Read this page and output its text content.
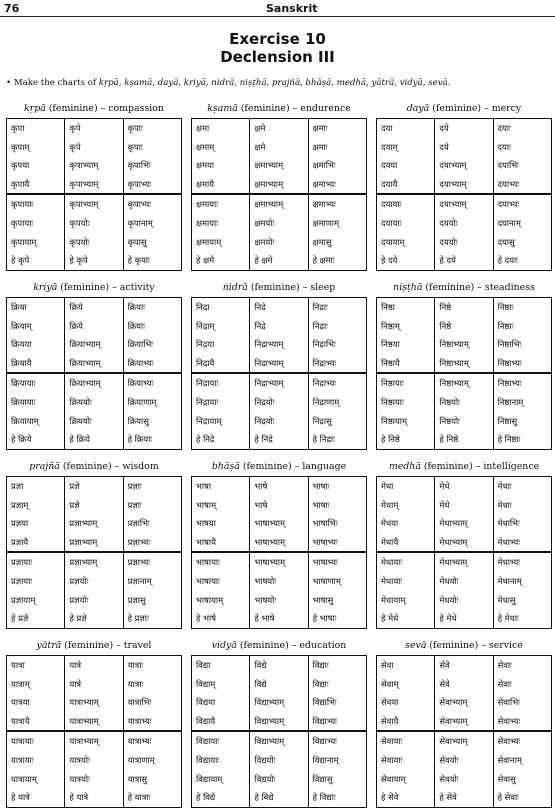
76	Sanskrit
Exercise 10
Declension III
• Make the charts of kṛpā, kṣamā, dayā, kriyā, nidrā, niṣṭhā, prajñā, bhāṣā, medhā, yātrā, vidyā, sevā.
kṛpā (feminine) – compassion
कृपा	कृपे	कृपाः
कृपाम्	कृपे	कृपाः
कृपया	कृपाभ्याम्	कृपाभिः
कृपायै	कृपाभ्याम्	कृपाभ्यः
कृपायाः	कृपाभ्याम्	कृपाभ्यः
कृपायाः	कृपयोः	कृपानाम्
कृपायाम्	कृपयोः	कृपासु
हे कृपे	हे कृपे	हे कृपाः
kṣamā (feminine) – endurence
क्षमा	क्षमे	क्षमाः
क्षमाम्	क्षमे	क्षमाः
क्षमया	क्षमाभ्याम्	क्षमाभिः
क्षमायै	क्षमाभ्याम्	क्षमाभ्यः
क्षमायाः	क्षमाभ्याम्	क्षमाभ्यः
क्षमायाः	क्षमयोः	क्षमाणाम्
क्षमायाम्	क्षमयोः	क्षमासु
हे क्षमे	हे क्षमे	हे क्षमाः
dayā (feminine) – mercy
दया	दये	दयाः
दयाम्	दये	दयाः
दयया	दयाभ्याम्	दयाभिः
दयायै	दयाभ्याम्	दयाभ्यः
दयायाः	दयाभ्याम्	दयाभ्यः
दयायाः	दययोः	दयानाम्
दयायाम्	दययोः	दयासु
हे दये	हे दये	हे दयाः
kriyā (feminine) – activity
क्रिया	क्रिये	क्रियाः
क्रियाम्	क्रिये	क्रियाः
क्रियया	क्रियाभ्याम्	क्रियाभिः
क्रियायै	क्रियाभ्याम्	क्रियाभ्यः
क्रियायाः	क्रियाभ्याम्	क्रियाभ्यः
क्रियायाः	क्रिययोः	क्रियाणाम्
क्रियायाम्	क्रिययोः	क्रियासु
हे क्रिये	हे क्रिये	हे क्रियाः
nidrā (feminine) – sleep
निद्रा	निद्रे	निद्राः
निद्राम्	निद्रे	निद्राः
निद्रया	निद्राभ्याम्	निद्राभिः
निद्रायै	निद्राभ्याम्	निद्राभ्यः
निद्रायाः	निद्राभ्याम्	निद्राभ्यः
निद्रायाः	निद्रयोः	निद्राणाम्
निद्रायाम्	निद्रयोः	निद्रासु
हे निद्रे	हे निद्रे	हे निद्राः
niṣṭhā (feminine) – steadiness
निष्ठा	निष्ठे	निष्ठाः
निष्ठाम्	निष्ठे	निष्ठाः
निष्ठया	निष्ठाभ्याम्	निष्ठाभिः
निष्ठायै	निष्ठाभ्याम्	निष्ठाभ्यः
निष्ठायाः	निष्ठाभ्याम्	निष्ठाभ्यः
निष्ठायाः	निष्ठयोः	निष्ठानाम्
निष्ठायाम्	निष्ठयोः	निष्ठासु
हे निष्ठे	हे निष्ठे	हे निष्ठाः
prajñā (feminine) – wisdom
प्रज्ञा	प्रज्ञे	प्रज्ञाः
प्रज्ञाम्	प्रज्ञे	प्रज्ञाः
प्रज्ञया	प्रज्ञाभ्याम्	प्रज्ञाभिः
प्रज्ञायै	प्रज्ञाभ्याम्	प्रज्ञाभ्यः
प्रज्ञायाः	प्रज्ञाभ्याम्	प्रज्ञाभ्यः
प्रज्ञायाः	प्रज्ञयोः	प्रज्ञानाम्
प्रज्ञायाम्	प्रज्ञयोः	प्रज्ञासु
हे प्रज्ञे	हे प्रज्ञे	हे प्रज्ञाः
bhāṣā (feminine) – language
भाषा	भाषे	भाषाः
भाषाम्	भाषे	भाषाः
भाषया	भाषाभ्याम्	भाषाभिः
भाषायै	भाषाभ्याम्	भाषाभ्यः
भाषायाः	भाषाभ्याम्	भाषाभ्यः
भाषायाः	भाषयोः	भाषाणाम्
भाषायाम्	भाषयोः	भाषासु
हे भाषे	हे भाषे	हे भाषाः
medhā (feminine) – intelligence
मेधा	मेधे	मेधाः
मेधाम्	मेधे	मेधाः
मेधया	मेधाभ्याम्	मेधाभिः
मेधायै	मेधाभ्याम्	मेधाभ्यः
मेधायाः	मेधाभ्याम्	मेधाभ्यः
मेधायाः	मेधयोः	मेधानाम्
मेधायाम्	मेधयोः	मेधासु
हे मेधे	हे मेधे	हे मेधाः
yātrā (feminine) – travel
यात्रा	यात्रे	यात्राः
यात्राम्	यात्रे	यात्राः
यात्रया	यात्राभ्याम्	यात्राभिः
यात्रायै	यात्राभ्याम्	यात्राभ्यः
यात्रायाः	यात्राभ्याम्	यात्राभ्यः
यात्रायाः	यात्रयोः	यात्राणाम्
यात्रायाम्	यात्रयोः	यात्रासु
हे यात्रे	हे यात्रे	हे यात्राः
vidyā (feminine) – education
विद्या	विद्ये	विद्याः
विद्याम्	विद्ये	विद्याः
विद्यया	विद्याभ्याम्	विद्याभिः
विद्यायै	विद्याभ्याम्	विद्याभ्यः
विद्यायाः	विद्याभ्याम्	विद्याभ्यः
विद्यायाः	विद्ययोः	विद्यानाम्
विद्यायाम्	विद्ययोः	विद्यासु
हे विद्ये	हे विद्ये	हे विद्याः
sevā (feminine) – service
सेवा	सेवे	सेवाः
सेवाम्	सेवे	सेवाः
सेवया	सेवाभ्याम्	सेवाभिः
सेवायै	सेवाभ्याम्	सेवाभ्यः
सेवायाः	सेवाभ्याम्	सेवाभ्यः
सेवायाः	सेवयोः	सेवानाम्
सेवायाम्	सेवयोः	सेवासु
हे सेवे	हे सेवे	हे सेवाः
